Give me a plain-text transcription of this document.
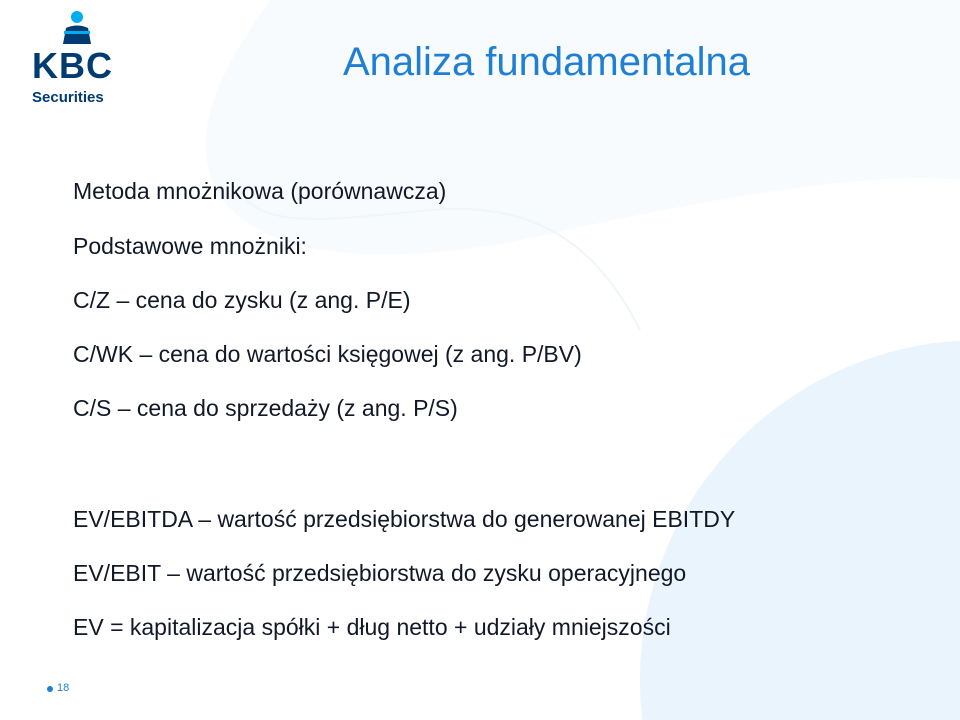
KBC
Securities
Analiza fundamentalna
Metoda mnożnikowa (porównawcza)
Podstawowe mnożniki:
C/Z – cena do zysku (z ang. P/E)
C/WK – cena do wartości księgowej (z ang. P/BV)
C/S – cena do sprzedaży (z ang. P/S)
EV/EBITDA – wartość przedsiębiorstwa do generowanej EBITDY
EV/EBIT – wartość przedsiębiorstwa do zysku operacyjnego
EV = kapitalizacja spółki + dług netto + udziały mniejszości
18
